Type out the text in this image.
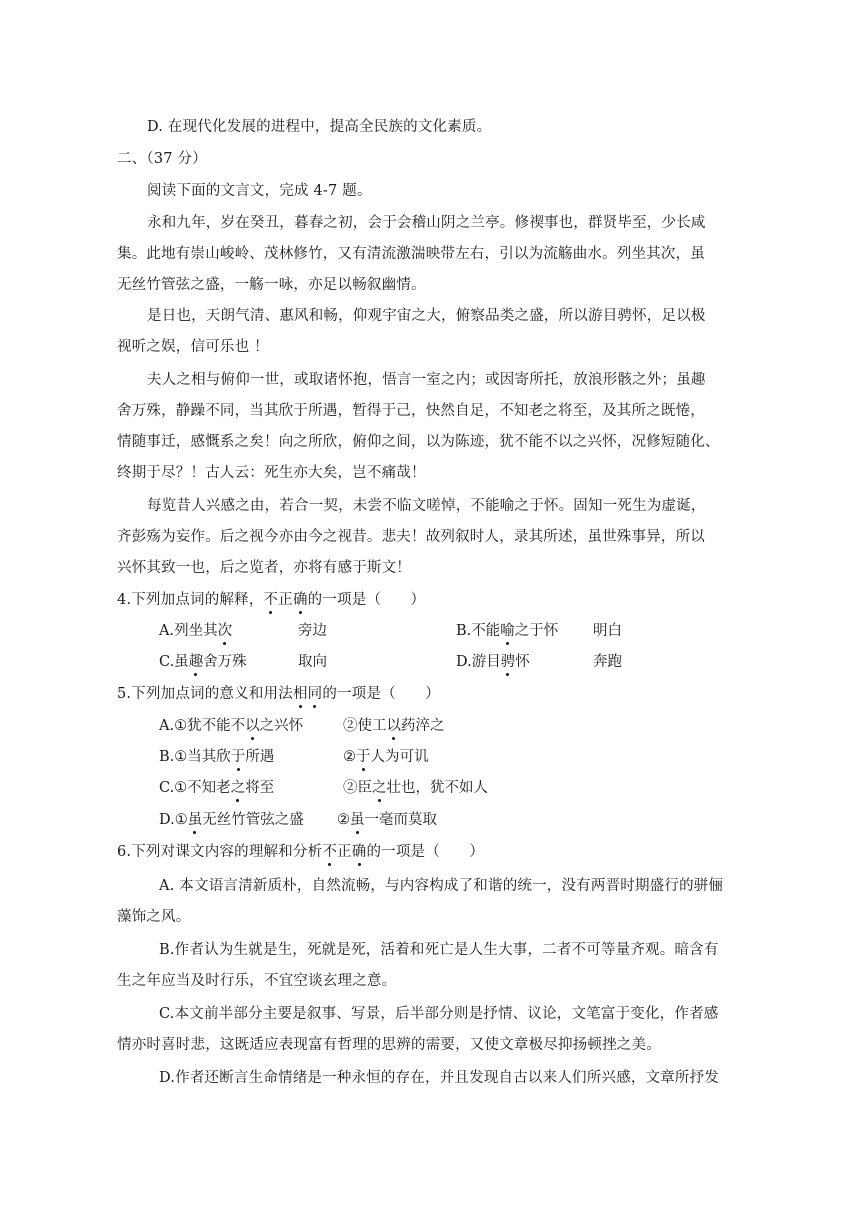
D. 在现代化发展的进程中，提高全民族的文化素质。
二、（37 分）
阅读下面的文言文，完成 4-7 题。
永和九年，岁在癸丑，暮春之初，会于会稽山阴之兰亭。修禊事也，群贤毕至，少长咸
集。此地有崇山峻岭、茂林修竹，又有清流激湍映带左右，引以为流觞曲水。列坐其次，虽
无丝竹管弦之盛，一觞一咏，亦足以畅叙幽情。
是日也，天朗气清、惠风和畅，仰观宇宙之大，俯察品类之盛，所以游目骋怀，足以极
视听之娱，信可乐也 ！
夫人之相与俯仰一世，或取诸怀抱，悟言一室之内；或因寄所托，放浪形骸之外；虽趣
舍万殊，静躁不同，当其欣于所遇，暂得于己，快然自足，不知老之将至，及其所之既惓，
情随事迁，感慨系之矣！向之所欣，俯仰之间，以为陈迹，犹不能不以之兴怀，况修短随化、
终期于尽？！古人云：死生亦大矣，岂不痛哉！
每览昔人兴感之由，若合一契，未尝不临文嗟悼，不能喻之于怀。固知一死生为虚诞，
齐彭殇为妄作。后之视今亦由今之视昔。悲夫！故列叙时人，录其所述，虽世殊事异，所以
兴怀其致一也，后之览者，亦将有感于斯文！
4.下列加点词的解释，不正确的一项是（　　）
A.列坐其次	旁边	B.不能喻之于怀 明白
C.虽趣舍万殊	取向	D.游目骋怀	奔跑
5.下列加点词的意义和用法相同的一项是（　　）
A.①犹不能不以之兴怀	②使工以药淬之
B.①当其欣于所遇	②于人为可讥
C.①不知老之将至	②臣之壮也，犹不如人
D.①虽无丝竹管弦之盛 ②虽一毫而莫取
6.下列对课文内容的理解和分析不正确的一项是（　　）
A. 本文语言清新质朴，自然流畅，与内容构成了和谐的统一，没有两晋时期盛行的骈俪
藻饰之风。
B.作者认为生就是生，死就是死，活着和死亡是人生大事，二者不可等量齐观。暗含有
生之年应当及时行乐，不宜空谈玄理之意。
C.本文前半部分主要是叙事、写景，后半部分则是抒情、议论，文笔富于变化，作者感
情亦时喜时悲，这既适应表现富有哲理的思辨的需要，又使文章极尽抑扬顿挫之美。
D.作者还断言生命情绪是一种永恒的存在，并且发现自古以来人们所兴感，文章所抒发
